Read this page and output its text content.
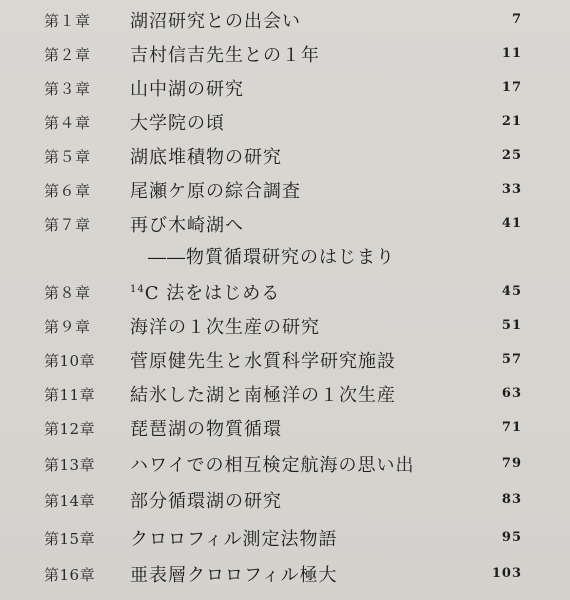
第１章	湖沼研究との出会い	7
第２章	吉村信吉先生との１年	11
第３章	山中湖の研究	17
第４章	大学院の頃	21
第５章	湖底堆積物の研究	25
第６章	尾瀬ケ原の綜合調査	33
第７章	再び木崎湖へ	41
――物質循環研究のはじまり
第８章	$^{14}$C 法をはじめる	45
第９章	海洋の１次生産の研究	51
第10章	菅原健先生と水質科学研究施設	57
第11章	結氷した湖と南極洋の１次生産	63
第12章	琵琶湖の物質循環	71
第13章	ハワイでの相互検定航海の思い出	79
第14章	部分循環湖の研究	83
第15章	クロロフィル測定法物語	95
第16章	亜表層クロロフィル極大	103
